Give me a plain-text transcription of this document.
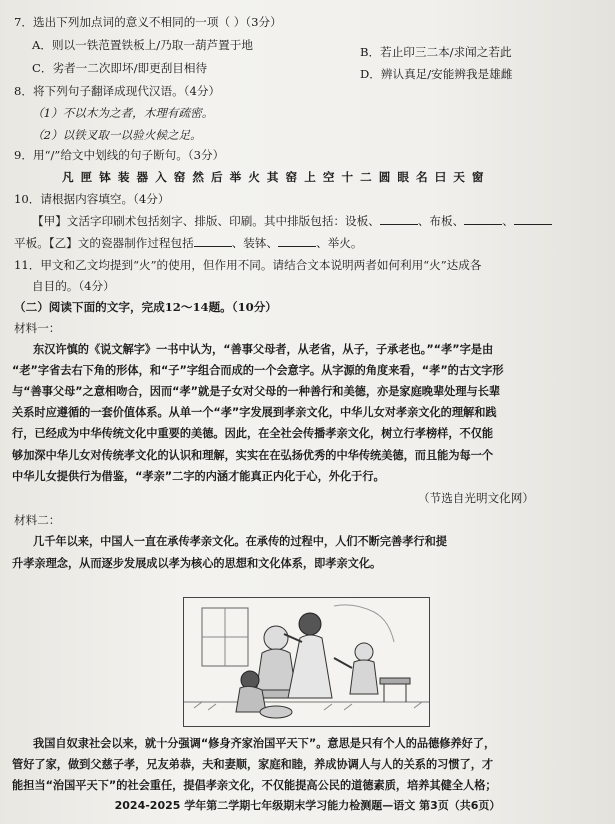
7．选出下列加点词的意义不相同的一项（ ）（3分）
A．则以一铁范置铁板上/乃取一葫芦置于地	B．若止印三二本/求闻之若此
C．劣者一二次即坏/即更刮目相待	D．辨认真足/安能辨我是雄雌
8．将下列句子翻译成现代汉语。（4分）
（1）不以木为之者，木理有疏密。
（2）以铁叉取一以验火候之足。
9．用“/”给文中划线的句子断句。（3分）
凡 匣 钵 装 器 入 窑 然 后 举 火 其 窑 上 空 十 二 圆 眼 名 曰 天 窗
10．请根据内容填空。（4分）
【甲】文活字印刷术包括刻字、排版、印刷。其中排版包括：设板、	、布板、	、
平板。【乙】文的瓷器制作过程包括	、装钵、	、举火。
11．甲文和乙文均提到“火”的使用，但作用不同。请结合文本说明两者如何利用“火”达成各
自目的。（4分）
（二）阅读下面的文字，完成12～14题。（10分）
材料一：
东汉许慎的《说文解字》一书中认为，“善事父母者，从老省，从子，子承老也。”“孝”字是由
“老”字省去右下角的形体，和“子”字组合而成的一个会意字。从字源的角度来看，“孝”的古文字形
与“善事父母”之意相吻合，因而“孝”就是子女对父母的一种善行和美德，亦是家庭晚辈处理与长辈
关系时应遵循的一套价值体系。从单一个“孝”字发展到孝亲文化，中华儿女对孝亲文化的理解和践
行，已经成为中华传统文化中重要的美德。因此，在全社会传播孝亲文化，树立行孝榜样，不仅能
够加深中华儿女对传统孝文化的认识和理解，实实在在弘扬优秀的中华传统美德，而且能为每一个
中华儿女提供行为借鉴，“孝亲”二字的内涵才能真正内化于心，外化于行。
（节选自光明文化网）
材料二：
几千年以来，中国人一直在承传孝亲文化。在承传的过程中，人们不断完善孝行和提
升孝亲理念，从而逐步发展成以孝为核心的思想和文化体系，即孝亲文化。
我国自奴隶社会以来，就十分强调“修身齐家治国平天下”。意思是只有个人的品德修养好了，
管好了家，做到父慈子孝，兄友弟恭，夫和妻顺，家庭和睦，养成协调人与人的关系的习惯了，才
能担当“治国平天下”的社会重任，提倡孝亲文化，不仅能提高公民的道德素质，培养其健全人格；
2024-2025 学年第二学期七年级期末学习能力检测题—语文 第3页（共6页）
